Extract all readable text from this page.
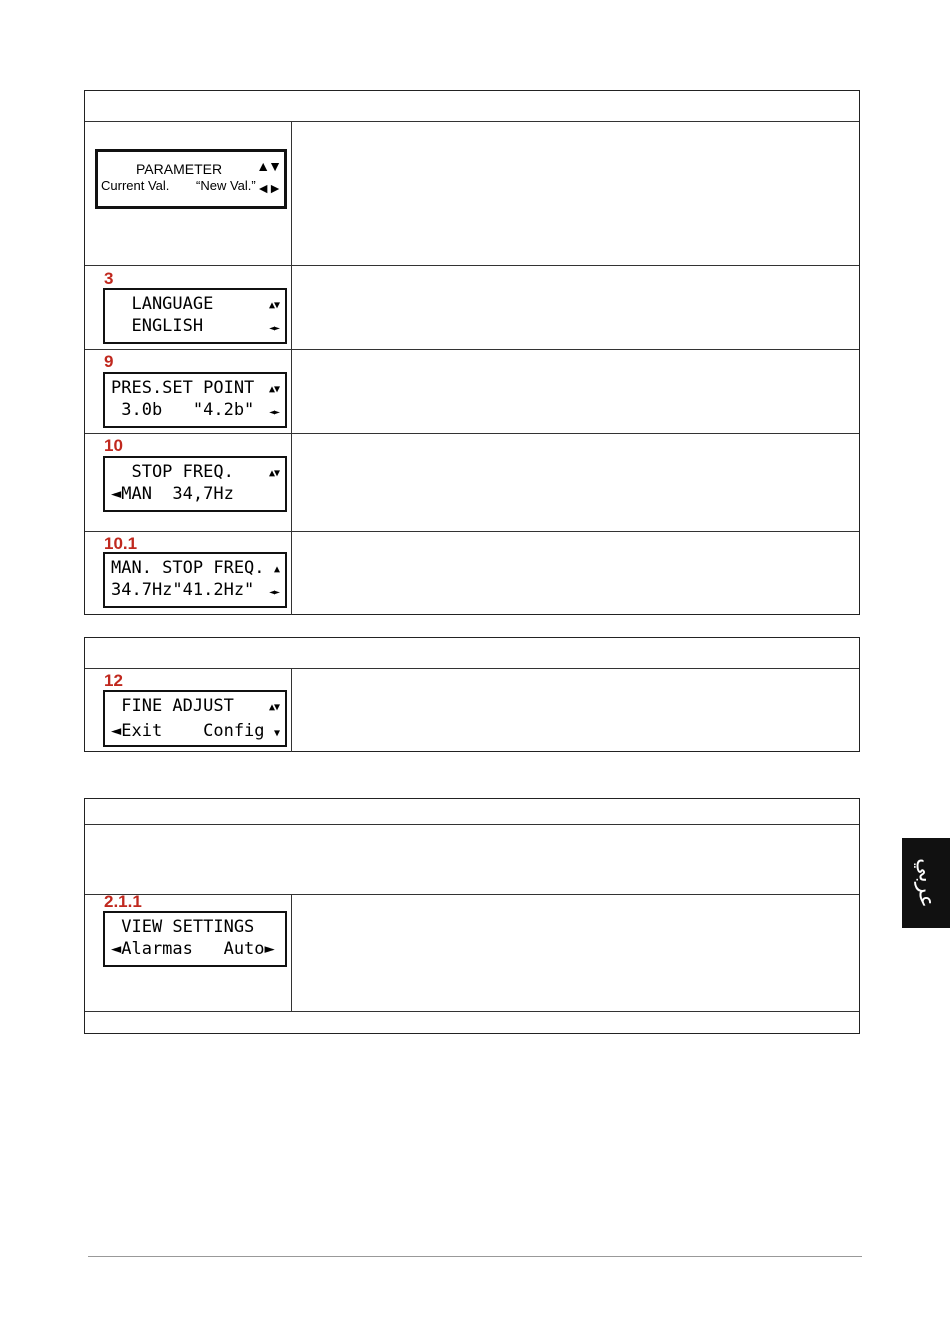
PARAMETER ▲▼
Current Val. “New Val.” ◄►
3
LANGUAGE	▲▼
ENGLISH	◄►
9
PRES.SET POINT ▲▼
3.0b   "4.2b" ◄►
10
STOP FREQ.	▲▼
◄MAN  34,7Hz
10.1
MAN. STOP FREQ. ▲
34.7Hz"41.2Hz" ◄►
12
FINE ADJUST	▲▼
◄Exit    Config ▼
2.1.1
VIEW SETTINGS
◄Alarmas   Auto►
عربي
